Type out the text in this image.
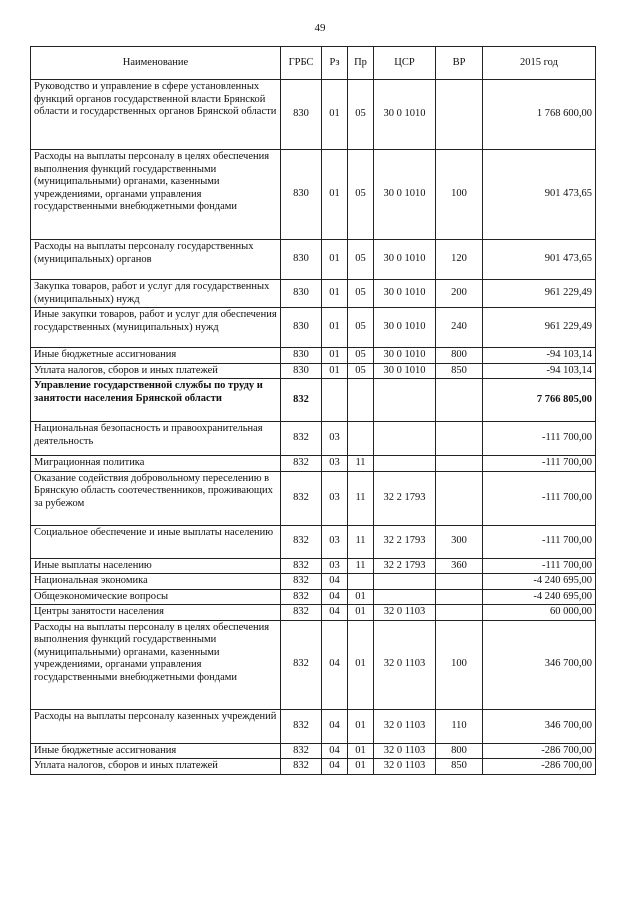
49
Наименование	ГРБС	Рз	Пр	ЦСР	ВР	2015 год
Руководство и управление в сфере установленных функций органов государственной власти Брянской области и государственных органов Брянской области	830	01	05	30 0 1010		1 768 600,00
Расходы на выплаты персоналу в целях обеспечения выполнения функций государственными (муниципальными) органами, казенными учреждениями, органами управления государственными внебюджетными фондами	830	01	05	30 0 1010	100	901 473,65
Расходы на выплаты персоналу государственных (муниципальных) органов	830	01	05	30 0 1010	120	901 473,65
Закупка товаров, работ и услуг для государственных (муниципальных) нужд	830	01	05	30 0 1010	200	961 229,49
Иные закупки товаров, работ и услуг для обеспечения государственных (муниципальных) нужд	830	01	05	30 0 1010	240	961 229,49
Иные бюджетные ассигнования	830	01	05	30 0 1010	800	-94 103,14
Уплата налогов, сборов и иных платежей	830	01	05	30 0 1010	850	-94 103,14
Управление государственной службы по труду и занятости населения Брянской области	832					7 766 805,00
Национальная безопасность и правоохранительная деятельность	832	03				-111 700,00
Миграционная политика	832	03	11			-111 700,00
Оказание содействия добровольному переселению в Брянскую область соотечественников, проживающих за рубежом	832	03	11	32 2 1793		-111 700,00
Социальное обеспечение и иные выплаты населению	832	03	11	32 2 1793	300	-111 700,00
Иные выплаты населению	832	03	11	32 2 1793	360	-111 700,00
Национальная экономика	832	04				-4 240 695,00
Общеэкономические вопросы	832	04	01			-4 240 695,00
Центры занятости населения	832	04	01	32 0 1103		60 000,00
Расходы на выплаты персоналу в целях обеспечения выполнения функций государственными (муниципальными) органами, казенными учреждениями, органами управления государственными внебюджетными фондами	832	04	01	32 0 1103	100	346 700,00
Расходы на выплаты персоналу казенных учреждений	832	04	01	32 0 1103	110	346 700,00
Иные бюджетные ассигнования	832	04	01	32 0 1103	800	-286 700,00
Уплата налогов, сборов и иных платежей	832	04	01	32 0 1103	850	-286 700,00
